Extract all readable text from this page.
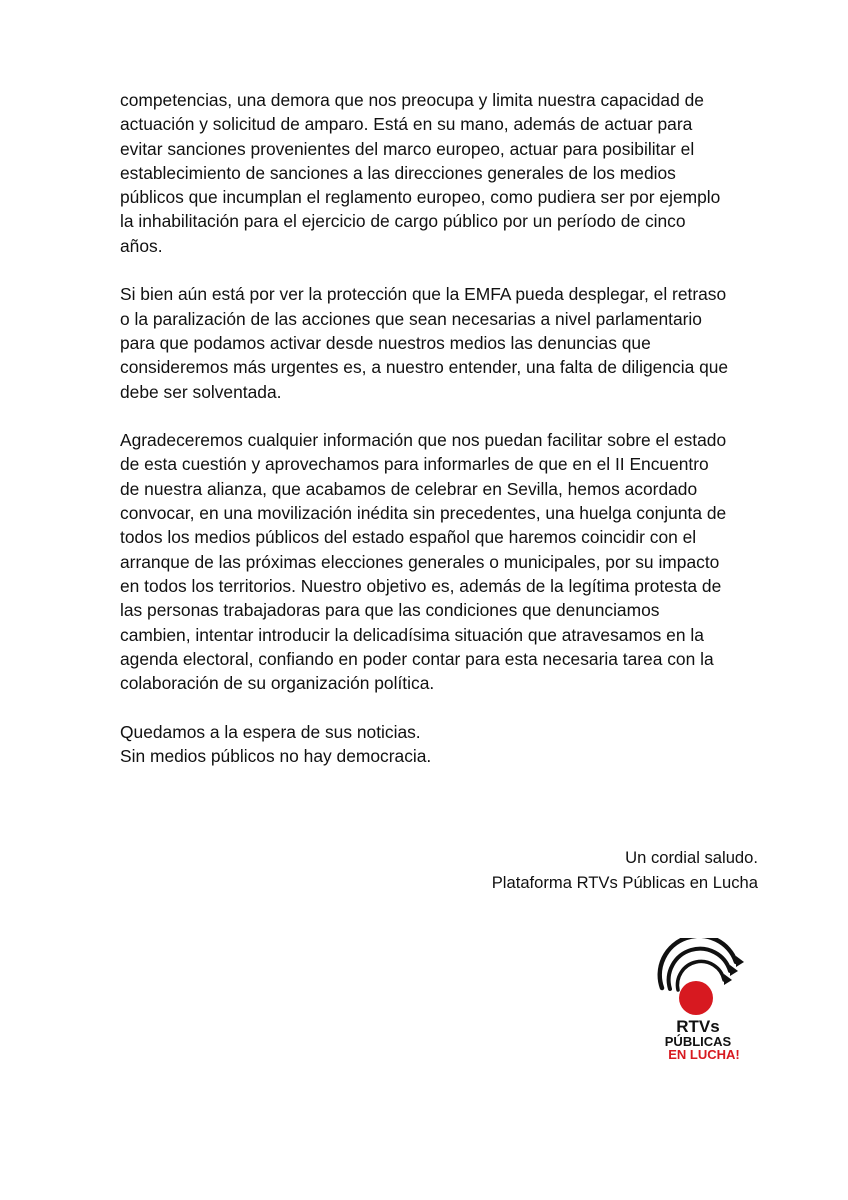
competencias, una demora que nos preocupa y limita nuestra capacidad de
actuación y solicitud de amparo. Está en su mano, además de actuar para
evitar sanciones provenientes del marco europeo, actuar para posibilitar el
establecimiento de sanciones a las direcciones generales de los medios
públicos que incumplan el reglamento europeo, como pudiera ser por ejemplo
la inhabilitación para el ejercicio de cargo público por un período de cinco
años.

Si bien aún está por ver la protección que la EMFA pueda desplegar, el retraso
o la paralización de las acciones que sean necesarias a nivel parlamentario
para que podamos activar desde nuestros medios las denuncias que
consideremos más urgentes es, a nuestro entender, una falta de diligencia que
debe ser solventada.

Agradeceremos cualquier información que nos puedan facilitar sobre el estado
de esta cuestión y aprovechamos para informarles de que en el II Encuentro
de nuestra alianza, que acabamos de celebrar en Sevilla, hemos acordado
convocar, en una movilización inédita sin precedentes, una huelga conjunta de
todos los medios públicos del estado español que haremos coincidir con el
arranque de las próximas elecciones generales o municipales, por su impacto
en todos los territorios. Nuestro objetivo es, además de la legítima protesta de
las personas trabajadoras para que las condiciones que denunciamos
cambien, intentar introducir la delicadísima situación que atravesamos en la
agenda electoral, confiando en poder contar para esta necesaria tarea con la
colaboración de su organización política.

Quedamos a la espera de sus noticias.
Sin medios públicos no hay democracia.

Un cordial saludo.
Plataforma RTVs Públicas en Lucha
RTVs
PÚBLICAS
EN LUCHA!
